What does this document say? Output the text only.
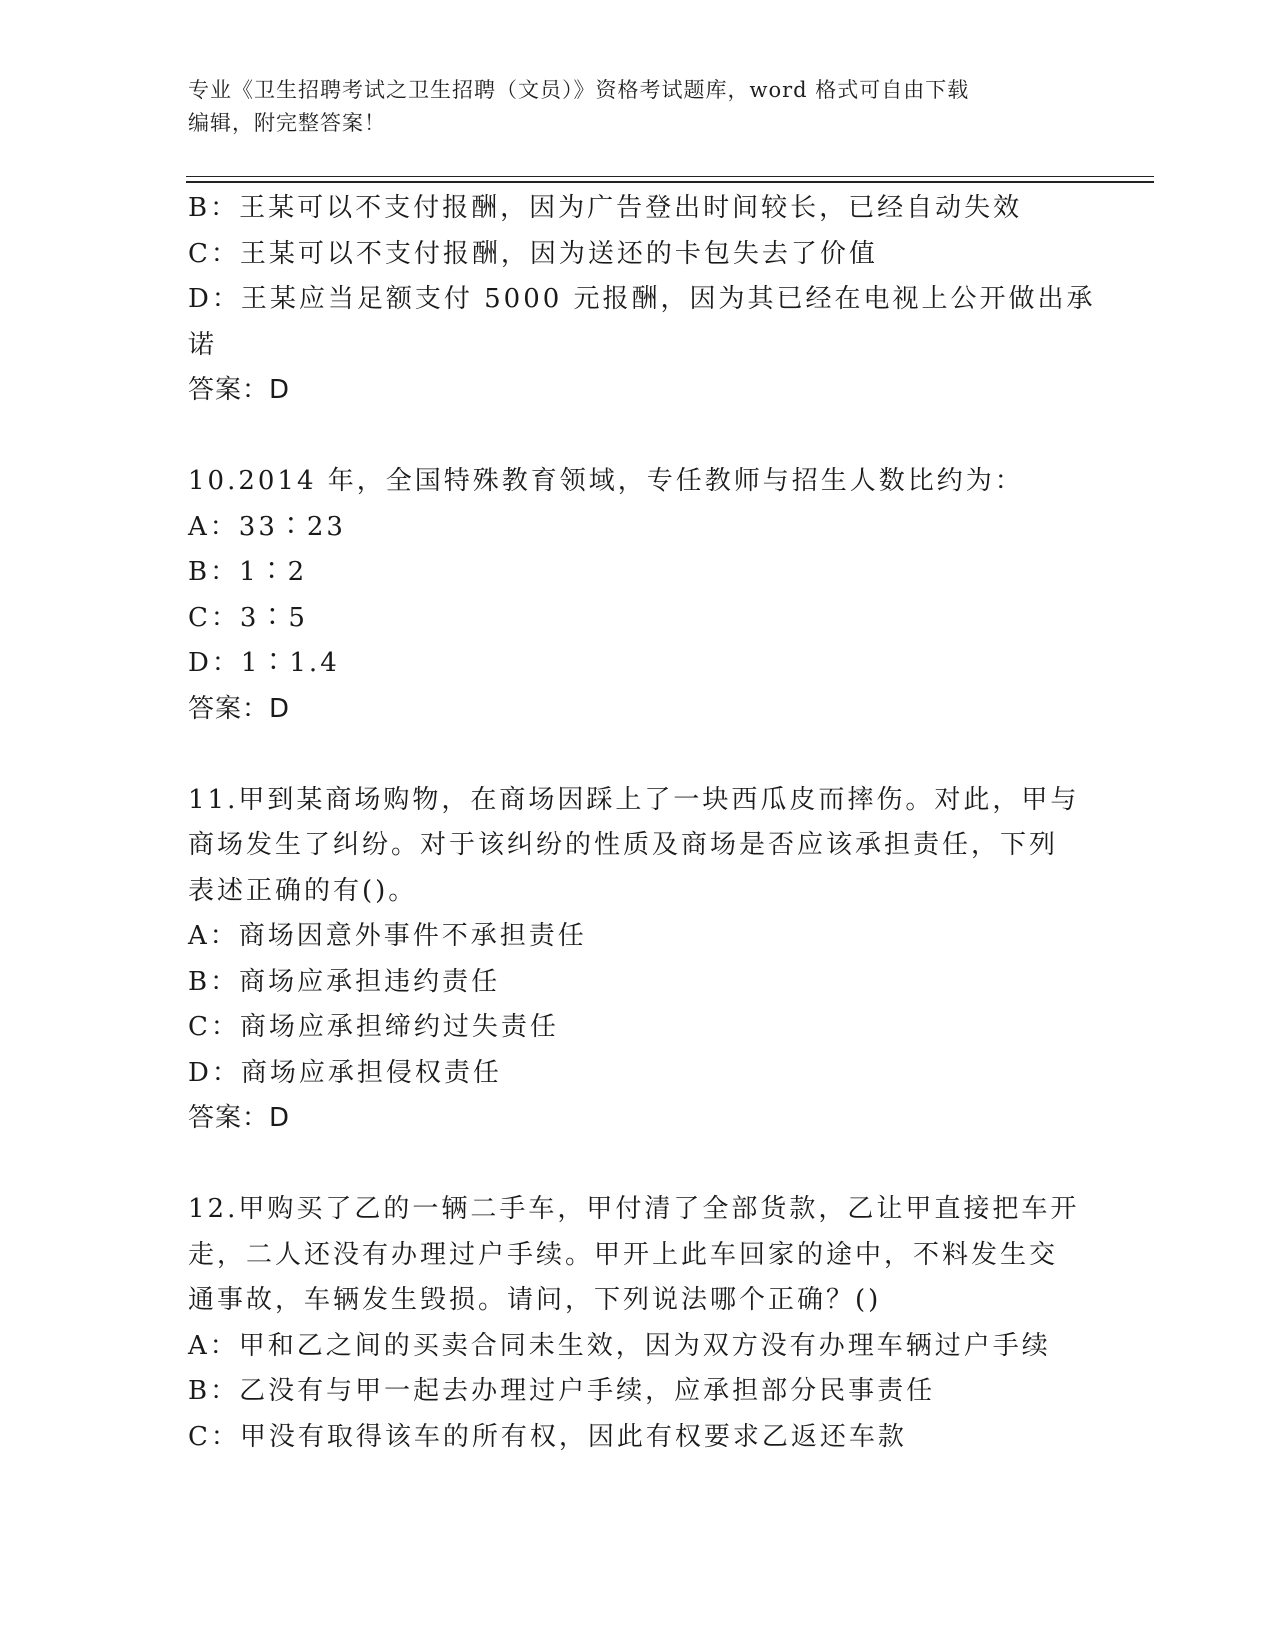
专业《卫生招聘考试之卫生招聘（文员）》资格考试题库，word 格式可自由下载
编辑，附完整答案！
B：王某可以不支付报酬，因为广告登出时间较长，已经自动失效
C：王某可以不支付报酬，因为送还的卡包失去了价值
D：王某应当足额支付 5000 元报酬，因为其已经在电视上公开做出承
诺
答案：D
10.2014 年，全国特殊教育领域，专任教师与招生人数比约为：
A：33∶23
B：1∶2
C：3∶5
D：1∶1.4
答案：D
11.甲到某商场购物，在商场因踩上了一块西瓜皮而摔伤。对此，甲与
商场发生了纠纷。对于该纠纷的性质及商场是否应该承担责任，下列
表述正确的有()。
A：商场因意外事件不承担责任
B：商场应承担违约责任
C：商场应承担缔约过失责任
D：商场应承担侵权责任
答案：D
12.甲购买了乙的一辆二手车，甲付清了全部货款，乙让甲直接把车开
走，二人还没有办理过户手续。甲开上此车回家的途中，不料发生交
通事故，车辆发生毁损。请问，下列说法哪个正确？()
A：甲和乙之间的买卖合同未生效，因为双方没有办理车辆过户手续
B：乙没有与甲一起去办理过户手续，应承担部分民事责任
C：甲没有取得该车的所有权，因此有权要求乙返还车款
